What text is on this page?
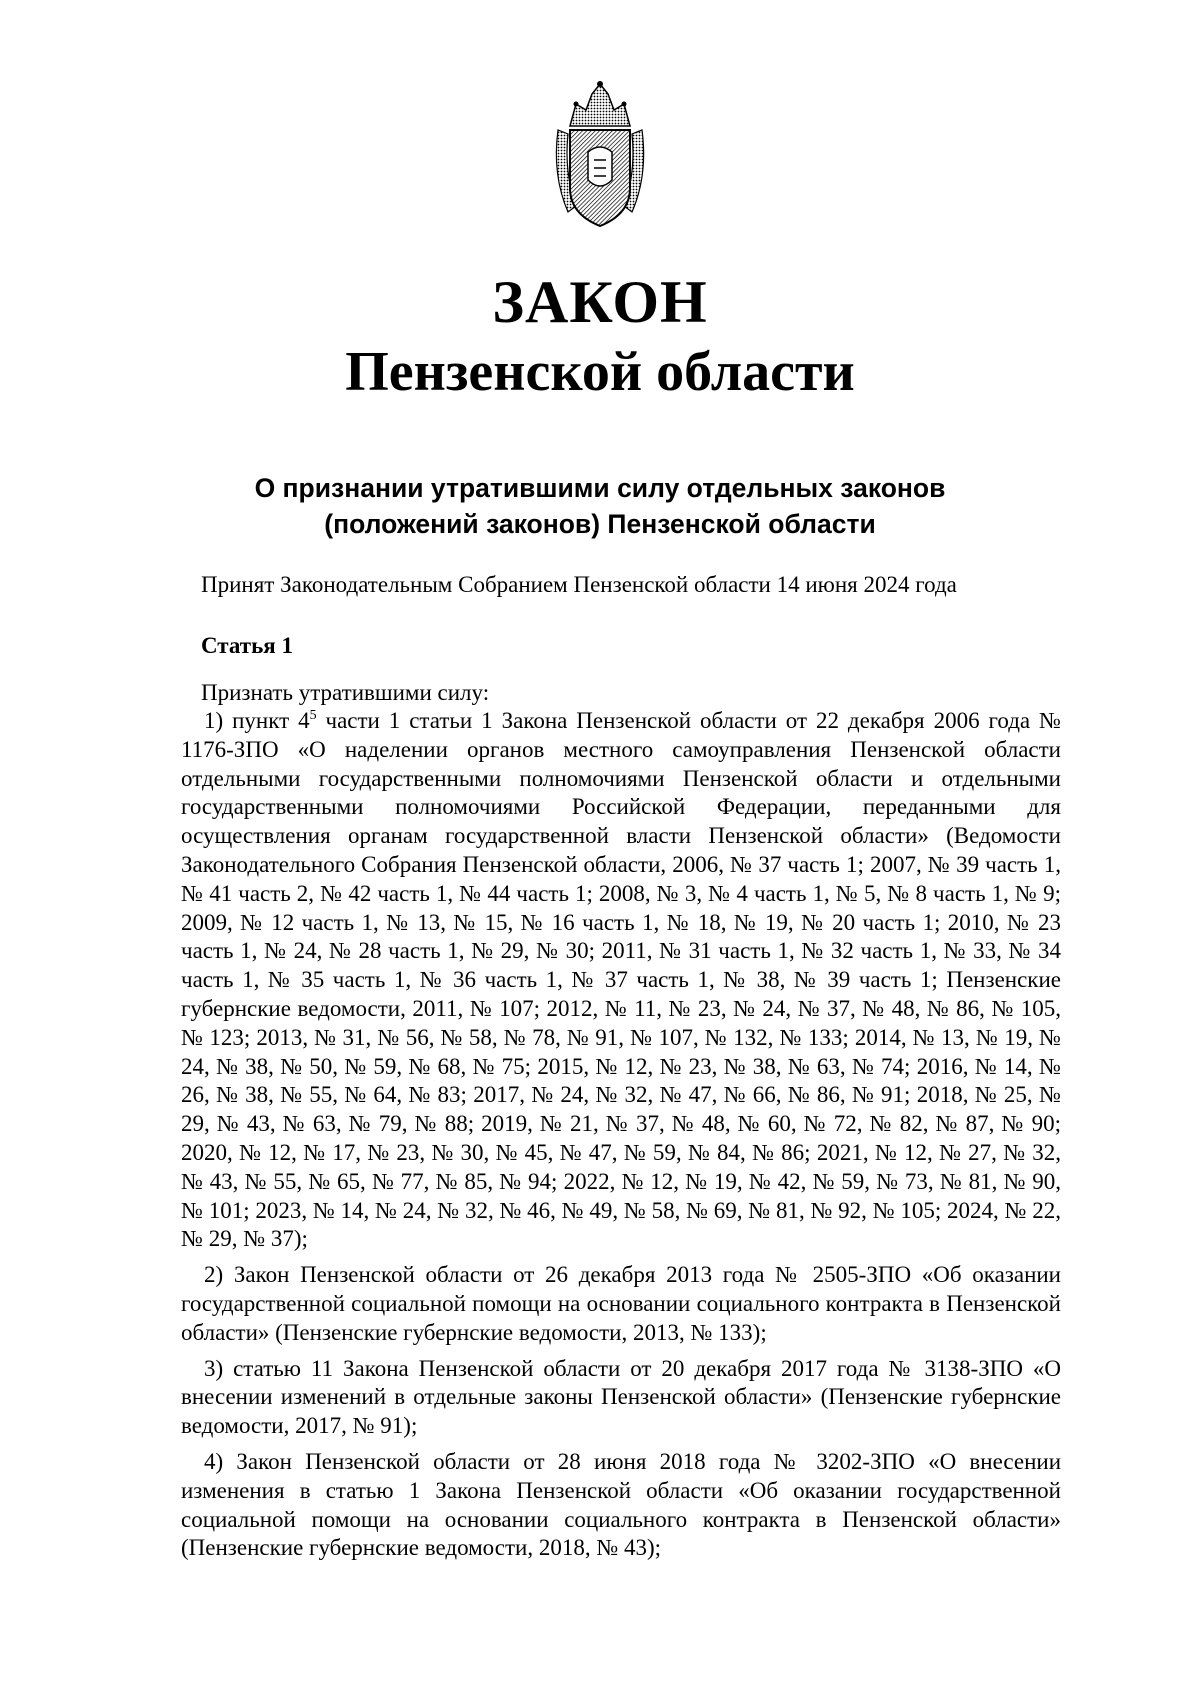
ЗАКОН
Пензенской области
О признании утратившими силу отдельных законов
(положений законов) Пензенской области
Принят Законодательным Собранием Пензенской области 14 июня 2024 года
Статья 1
Признать утратившими силу:

1) пункт $4^5$ части 1 статьи 1 Закона Пензенской области от 22 декабря 2006 года № 1176-ЗПО «О наделении органов местного самоуправления Пензенской области отдельными государственными полномочиями Пензенской области и отдельными государственными полномочиями Российской Федерации, переданными для осуществления органам государственной власти Пензенской области» (Ведомости Законодательного Собрания Пензенской области, 2006, № 37 часть 1; 2007, № 39 часть 1, № 41 часть 2, № 42 часть 1, № 44 часть 1; 2008, № 3, № 4 часть 1, № 5, № 8 часть 1, № 9; 2009, № 12 часть 1, № 13, № 15, № 16 часть 1, № 18, № 19, № 20 часть 1; 2010, № 23 часть 1, № 24, № 28 часть 1, № 29, № 30; 2011, № 31 часть 1, № 32 часть 1, № 33, № 34 часть 1, № 35 часть 1, № 36 часть 1, № 37 часть 1, № 38, № 39 часть 1; Пензенские губернские ведомости, 2011, № 107; 2012, № 11, № 23, № 24, № 37, № 48, № 86, № 105, № 123; 2013, № 31, № 56, № 58, № 78, № 91, № 107, № 132, № 133; 2014, № 13, № 19, № 24, № 38, № 50, № 59, № 68, № 75; 2015, № 12, № 23, № 38, № 63, № 74; 2016, № 14, № 26, № 38, № 55, № 64, № 83; 2017, № 24, № 32, № 47, № 66, № 86, № 91; 2018, № 25, № 29, № 43, № 63, № 79, № 88; 2019, № 21, № 37, № 48, № 60, № 72, № 82, № 87, № 90; 2020, № 12, № 17, № 23, № 30, № 45, № 47, № 59, № 84, № 86; 2021, № 12, № 27, № 32, № 43, № 55, № 65, № 77, № 85, № 94; 2022, № 12, № 19, № 42, № 59, № 73, № 81, № 90, № 101; 2023, № 14, № 24, № 32, № 46, № 49, № 58, № 69, № 81, № 92, № 105; 2024, № 22, № 29, № 37);

2) Закон Пензенской области от 26 декабря 2013 года № 2505-ЗПО «Об оказании государственной социальной помощи на основании социального контракта в Пензенской области» (Пензенские губернские ведомости, 2013, № 133);

3) статью 11 Закона Пензенской области от 20 декабря 2017 года № 3138-ЗПО «О внесении изменений в отдельные законы Пензенской области» (Пензенские губернские ведомости, 2017, № 91);

4) Закон Пензенской области от 28 июня 2018 года № 3202-ЗПО «О внесении изменения в статью 1 Закона Пензенской области «Об оказании государственной социальной помощи на основании социального контракта в Пензенской области» (Пензенские губернские ведомости, 2018, № 43);
